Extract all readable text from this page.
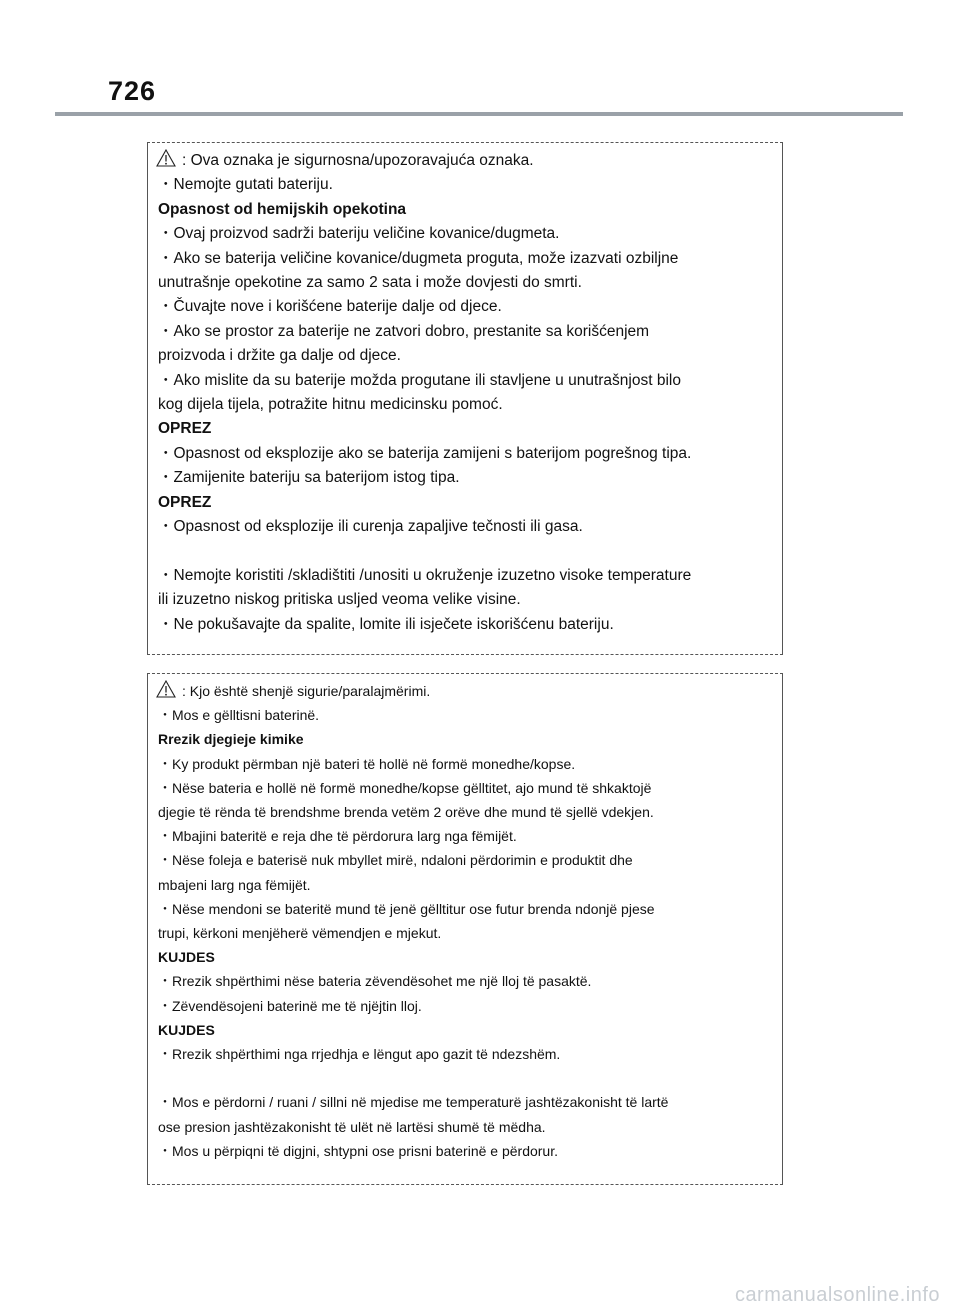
726
: Ova oznaka je sigurnosna/upozoravajuća oznaka.
・Nemojte gutati bateriju.
Opasnost od hemijskih opekotina
・Ovaj proizvod sadrži bateriju veličine kovanice/dugmeta.
・Ako se baterija veličine kovanice/dugmeta proguta, može izazvati ozbiljne
unutrašnje opekotine za samo 2 sata i može dovjesti do smrti.
・Čuvajte nove i korišćene baterije dalje od djece.
・Ako se prostor za baterije ne zatvori dobro, prestanite sa korišćenjem
proizvoda i držite ga dalje od djece.
・Ako mislite da su baterije možda progutane ili stavljene u unutrašnjost bilo
kog dijela tijela, potražite hitnu medicinsku pomoć.
OPREZ
・Opasnost od eksplozije ako se baterija zamijeni s baterijom pogrešnog tipa.
・Zamijenite bateriju sa baterijom istog tipa.
OPREZ
・Opasnost od eksplozije ili curenja zapaljive tečnosti ili gasa.
・Nemojte koristiti /skladištiti /unositi u okruženje izuzetno visoke temperature
ili izuzetno niskog pritiska usljed veoma velike visine.
・Ne pokušavajte da spalite, lomite ili isječete iskorišćenu bateriju.
: Kjo është shenjë sigurie/paralajmërimi.
・Mos e gëlltisni baterinë.
Rrezik djegieje kimike
・Ky produkt përmban një bateri të hollë në formë monedhe/kopse.
・Nëse bateria e hollë në formë monedhe/kopse gëlltitet, ajo mund të shkaktojë
djegie të rënda të brendshme brenda vetëm 2 orëve dhe mund të sjellë vdekjen.
・Mbajini bateritë e reja dhe të përdorura larg nga fëmijët.
・Nëse foleja e baterisë nuk mbyllet mirë, ndaloni përdorimin e produktit dhe
mbajeni larg nga fëmijët.
・Nëse mendoni se bateritë mund të jenë gëlltitur ose futur brenda ndonjë pjese
trupi, kërkoni menjëherë vëmendjen e mjekut.
KUJDES
・Rrezik shpërthimi nëse bateria zëvendësohet me një lloj të pasaktë.
・Zëvendësojeni baterinë me të njëjtin lloj.
KUJDES
・Rrezik shpërthimi nga rrjedhja e lëngut apo gazit të ndezshëm.
・Mos e përdorni / ruani / sillni në mjedise me temperaturë jashtëzakonisht të lartë
ose presion jashtëzakonisht të ulët në lartësi shumë të mëdha.
・Mos u përpiqni të digjni, shtypni ose prisni baterinë e përdorur.
carmanualsonline.info
